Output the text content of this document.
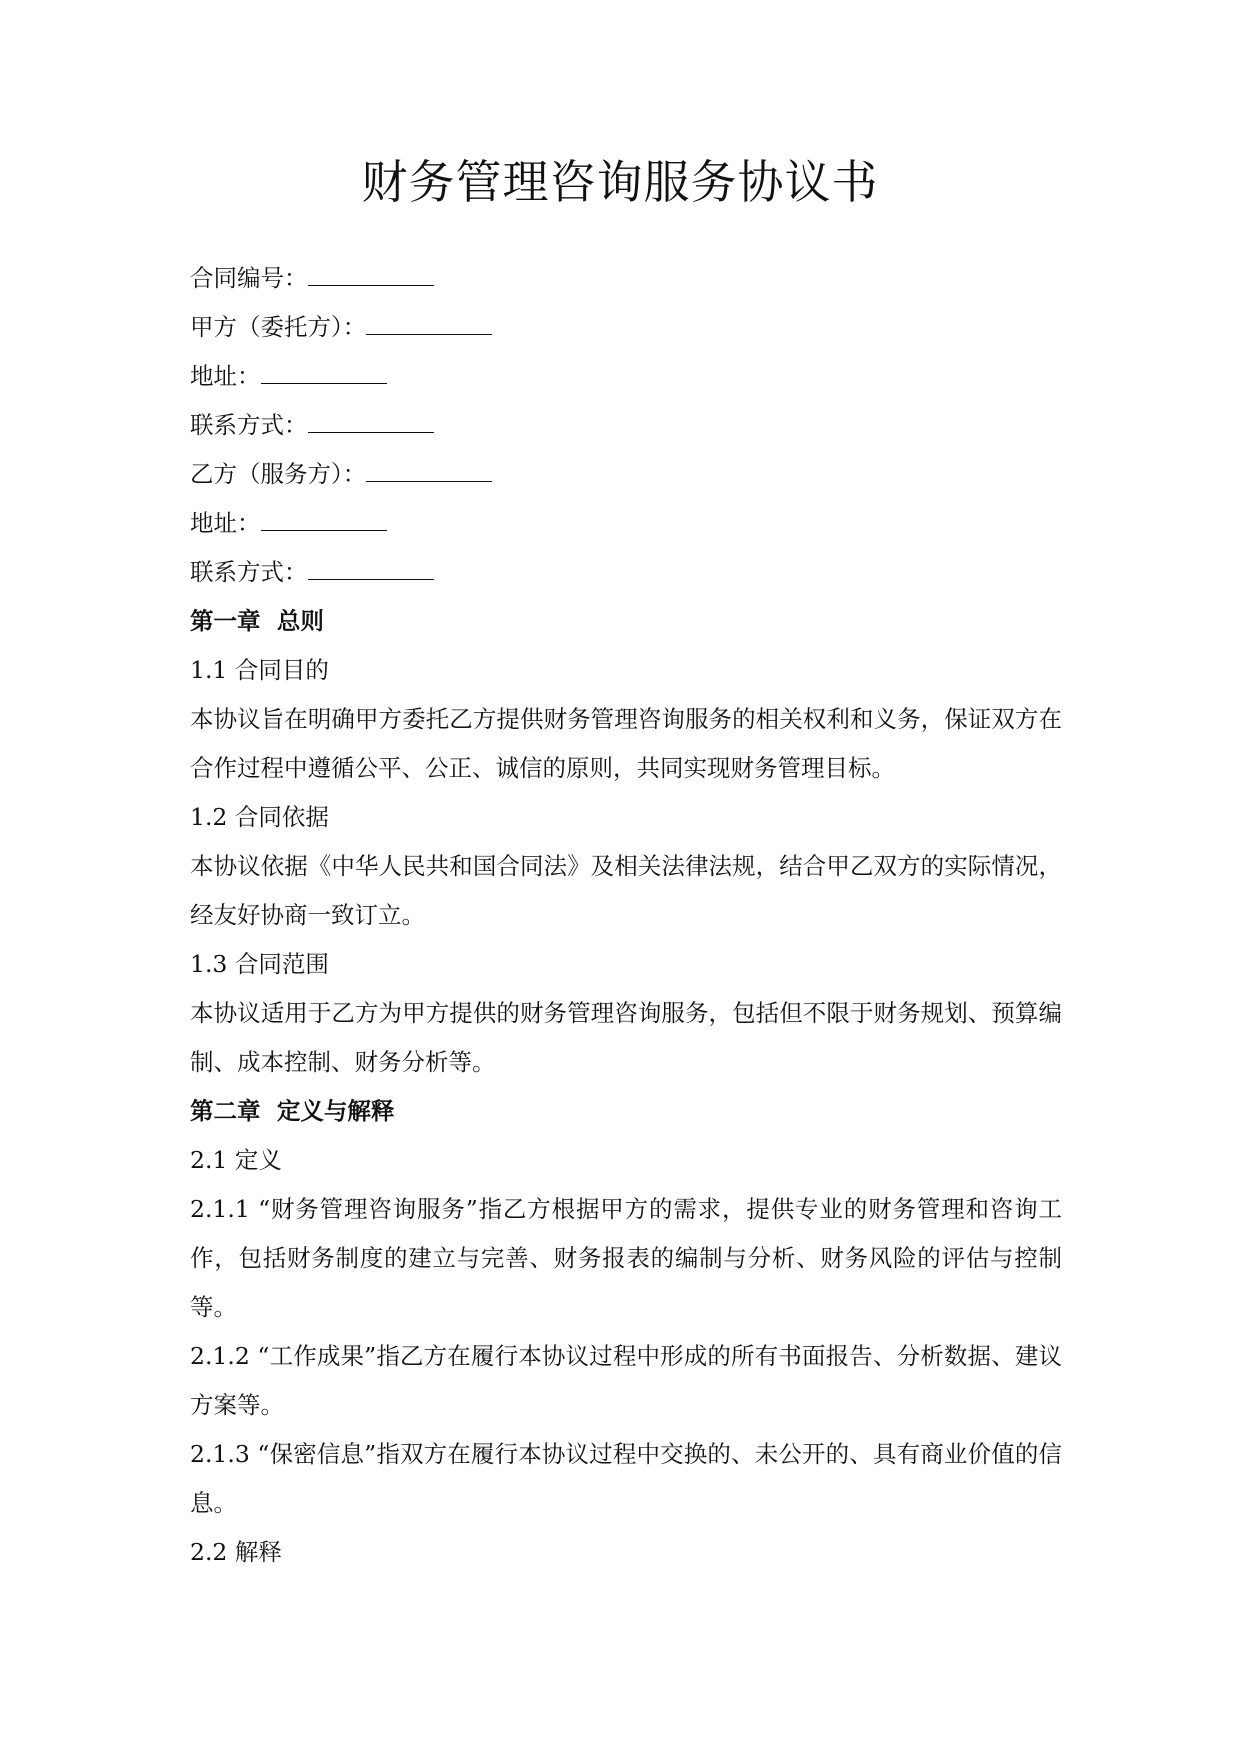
财务管理咨询服务协议书
合同编号：
甲方（委托方）：
地址：
联系方式：
乙方（服务方）：
地址：
联系方式：
第一章  总则
1.1 合同目的
本协议旨在明确甲方委托乙方提供财务管理咨询服务的相关权利和义务，保证双方在合作过程中遵循公平、公正、诚信的原则，共同实现财务管理目标。
1.2 合同依据
本协议依据《中华人民共和国合同法》及相关法律法规，结合甲乙双方的实际情况，经友好协商一致订立。
1.3 合同范围
本协议适用于乙方为甲方提供的财务管理咨询服务，包括但不限于财务规划、预算编制、成本控制、财务分析等。
第二章  定义与解释
2.1 定义
2.1.1 “财务管理咨询服务”指乙方根据甲方的需求，提供专业的财务管理和咨询工作，包括财务制度的建立与完善、财务报表的编制与分析、财务风险的评估与控制等。
2.1.2 “工作成果”指乙方在履行本协议过程中形成的所有书面报告、分析数据、建议方案等。
2.1.3 “保密信息”指双方在履行本协议过程中交换的、未公开的、具有商业价值的信息。
2.2 解释
